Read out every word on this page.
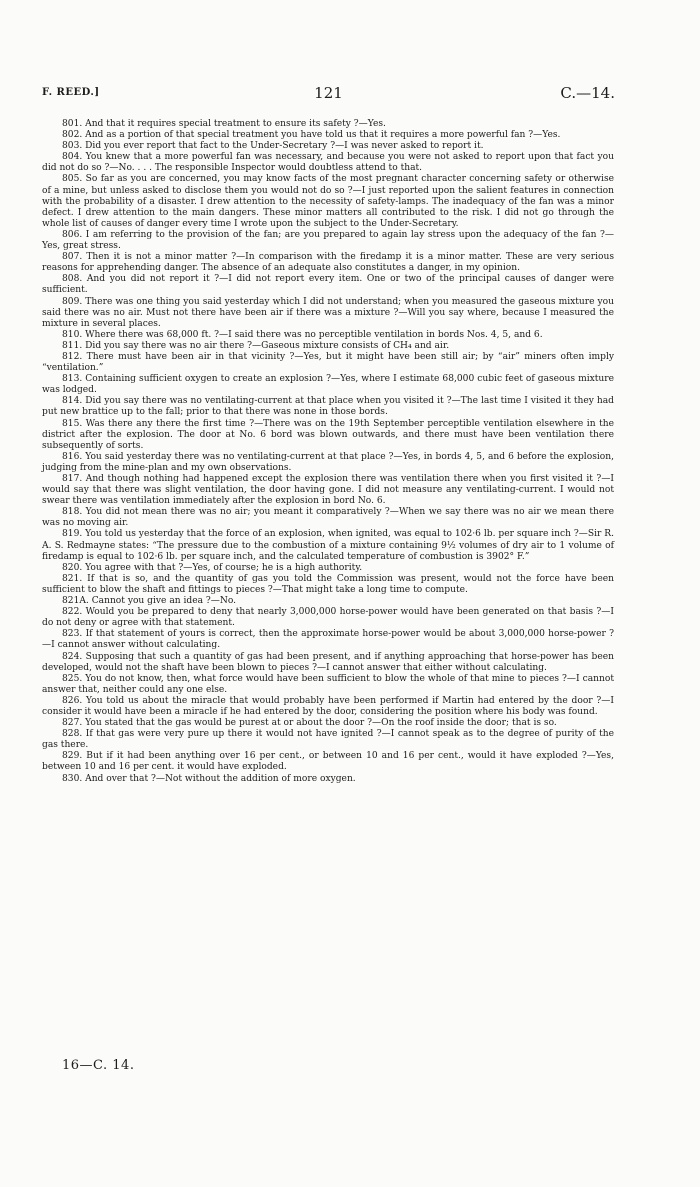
F. REED.]	121	C.—14.

801. And that it requires special treatment to ensure its safety ?—Yes.

802. And as a portion of that special treatment you have told us that it requires a more powerful fan ?—Yes.

803. Did you ever report that fact to the Under-Secretary ?—I was never asked to report it.

804. You knew that a more powerful fan was necessary, and because you were not asked to report upon that fact you did not do so ?—No. . . . The responsible Inspector would doubtless attend to that.

805. So far as you are concerned, you may know facts of the most pregnant character concerning safety or otherwise of a mine, but unless asked to disclose them you would not do so ?—I just reported upon the salient features in connection with the probability of a disaster. I drew attention to the necessity of safety-lamps. The inadequacy of the fan was a minor defect. I drew attention to the main dangers. These minor matters all contributed to the risk. I did not go through the whole list of causes of danger every time I wrote upon the subject to the Under-Secretary.

806. I am referring to the provision of the fan; are you prepared to again lay stress upon the adequacy of the fan ?—Yes, great stress.

807. Then it is not a minor matter ?—In comparison with the firedamp it is a minor matter. These are very serious reasons for apprehending danger. The absence of an adequate also constitutes a danger, in my opinion.

808. And you did not report it ?—I did not report every item. One or two of the principal causes of danger were sufficient.

809. There was one thing you said yesterday which I did not understand; when you measured the gaseous mixture you said there was no air. Must not there have been air if there was a mixture ?—Will you say where, because I measured the mixture in several places.

810. Where there was 68,000 ft. ?—I said there was no perceptible ventilation in bords Nos. 4, 5, and 6.

811. Did you say there was no air there ?—Gaseous mixture consists of CH₄ and air.

812. There must have been air in that vicinity ?—Yes, but it might have been still air; by “air” miners often imply “ventilation.”

813. Containing sufficient oxygen to create an explosion ?—Yes, where I estimate 68,000 cubic feet of gaseous mixture was lodged.

814. Did you say there was no ventilating-current at that place when you visited it ?—The last time I visited it they had put new brattice up to the fall; prior to that there was none in those bords.

815. Was there any there the first time ?—There was on the 19th September perceptible ventilation elsewhere in the district after the explosion. The door at No. 6 bord was blown outwards, and there must have been ventilation there subsequently of sorts.

816. You said yesterday there was no ventilating-current at that place ?—Yes, in bords 4, 5, and 6 before the explosion, judging from the mine-plan and my own observations.

817. And though nothing had happened except the explosion there was ventilation there when you first visited it ?—I would say that there was slight ventilation, the door having gone. I did not measure any ventilating-current. I would not swear there was ventilation immediately after the explosion in bord No. 6.

818. You did not mean there was no air; you meant it comparatively ?—When we say there was no air we mean there was no moving air.

819. You told us yesterday that the force of an explosion, when ignited, was equal to 102·6 lb. per square inch ?—Sir R. A. S. Redmayne states: “The pressure due to the combustion of a mixture containing 9½ volumes of dry air to 1 volume of firedamp is equal to 102·6 lb. per square inch, and the calculated temperature of combustion is 3902° F.”

820. You agree with that ?—Yes, of course; he is a high authority.

821. If that is so, and the quantity of gas you told the Commission was present, would not the force have been sufficient to blow the shaft and fittings to pieces ?—That might take a long time to compute.

821A. Cannot you give an idea ?—No.

822. Would you be prepared to deny that nearly 3,000,000 horse-power would have been generated on that basis ?—I do not deny or agree with that statement.

823. If that statement of yours is correct, then the approximate horse-power would be about 3,000,000 horse-power ?—I cannot answer without calculating.

824. Supposing that such a quantity of gas had been present, and if anything approaching that horse-power has been developed, would not the shaft have been blown to pieces ?—I cannot answer that either without calculating.

825. You do not know, then, what force would have been sufficient to blow the whole of that mine to pieces ?—I cannot answer that, neither could any one else.

826. You told us about the miracle that would probably have been performed if Martin had entered by the door ?—I consider it would have been a miracle if he had entered by the door, considering the position where his body was found.

827. You stated that the gas would be purest at or about the door ?—On the roof inside the door; that is so.

828. If that gas were very pure up there it would not have ignited ?—I cannot speak as to the degree of purity of the gas there.

829. But if it had been anything over 16 per cent., or between 10 and 16 per cent., would it have exploded ?—Yes, between 10 and 16 per cent. it would have exploded.

830. And over that ?—Not without the addition of more oxygen.

16—C. 14.
